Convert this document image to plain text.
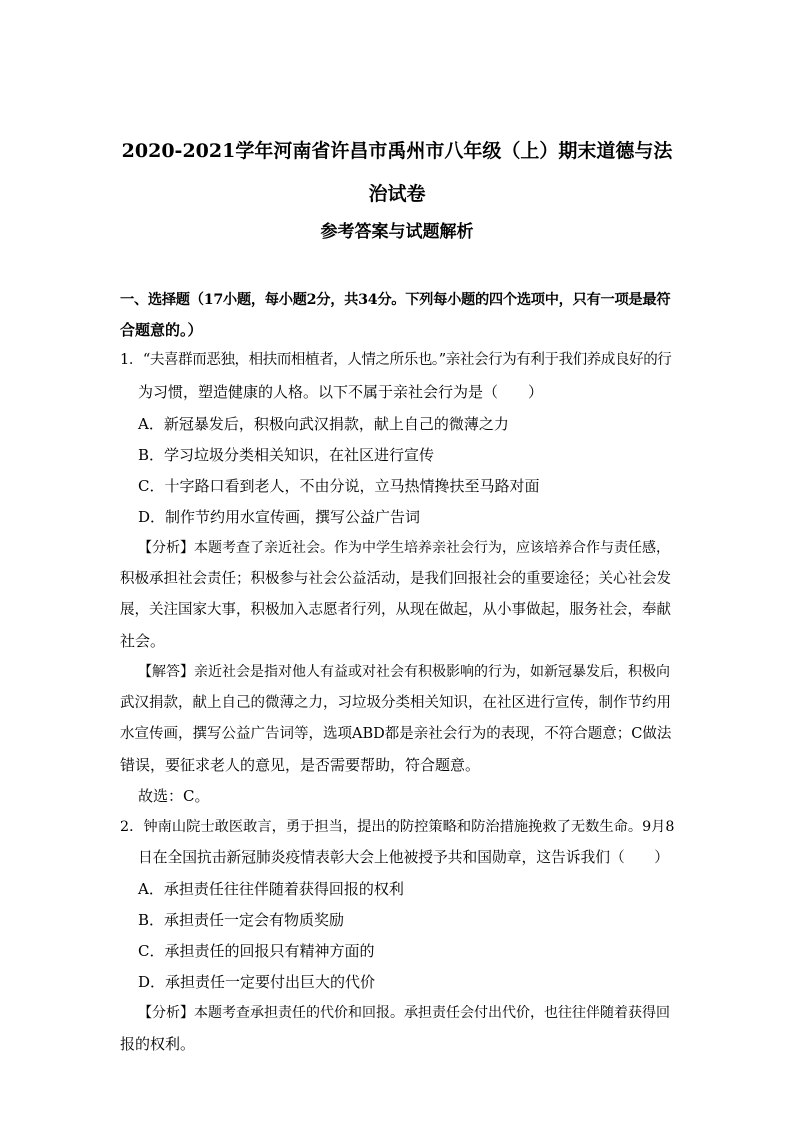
2020-2021学年河南省许昌市禹州市八年级（上）期末道德与法
治试卷
参考答案与试题解析
一、选择题（17小题，每小题2分，共34分。下列每小题的四个选项中，只有一项是最符
合题意的。）
1．“夫喜群而恶独，相扶而相植者，人情之所乐也。”亲社会行为有利于我们养成良好的行
为习惯，塑造健康的人格。以下不属于亲社会行为是（　　）
A．新冠暴发后，积极向武汉捐款，献上自己的微薄之力
B．学习垃圾分类相关知识，在社区进行宣传
C．十字路口看到老人，不由分说，立马热情搀扶至马路对面
D．制作节约用水宣传画，撰写公益广告词
【分析】本题考查了亲近社会。作为中学生培养亲社会行为，应该培养合作与责任感，
积极承担社会责任；积极参与社会公益活动，是我们回报社会的重要途径；关心社会发
展，关注国家大事，积极加入志愿者行列，从现在做起，从小事做起，服务社会，奉献
社会。
【解答】亲近社会是指对他人有益或对社会有积极影响的行为，如新冠暴发后，积极向
武汉捐款，献上自己的微薄之力，习垃圾分类相关知识，在社区进行宣传，制作节约用
水宣传画，撰写公益广告词等，选项ABD都是亲社会行为的表现，不符合题意；C做法
错误，要征求老人的意见，是否需要帮助，符合题意。
故选：C。
2．钟南山院士敢医敢言，勇于担当，提出的防控策略和防治措施挽救了无数生命。9月8
日在全国抗击新冠肺炎疫情表彰大会上他被授予共和国勋章，这告诉我们（　　）
A．承担责任往往伴随着获得回报的权利
B．承担责任一定会有物质奖励
C．承担责任的回报只有精神方面的
D．承担责任一定要付出巨大的代价
【分析】本题考查承担责任的代价和回报。承担责任会付出代价，也往往伴随着获得回
报的权利。
